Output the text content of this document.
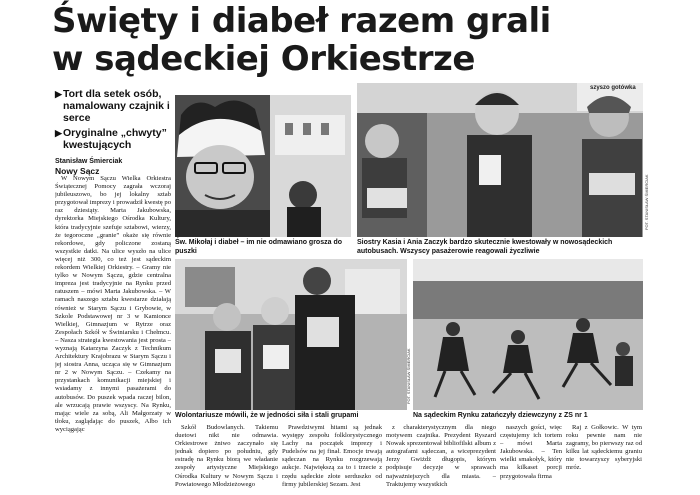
Święty i diabeł razem grali
w sądeckiej Orkiestrze
▶ Tort dla setek osób, namalowany czajnik i serce
▶ Oryginalne „chwyty” kwestujących
Stanisław Śmierciak
Nowy Sącz

W Nowym Sączu Wielka Orkiestra Świątecznej Pomocy zagrała wczoraj jubileuszowo, bo jej lokalny sztab przygotował imprezy i prowadził kwestę po raz dziesiąty. Marta Jakubowska, dyrektorka Miejskiego Ośrodka Kultury, która tradycyjnie szefuje sztabowi, wierzy, że tegoroczne „granie” okaże się równie rekordowe, gdy policzone zostaną wszystkie datki. Na ulice wyszło na ulice więcej niż 300, co też jest sądeckim rekordem Wielkiej Orkiestry. – Gramy nie tylko w Nowym Sączu, gdzie centralna impreza jest tradycyjnie na Rynku przed ratuszem – mówi Marta Jakubowska. – W ramach naszego sztabu kwestarze działają również w Starym Sączu i Grybowie, w Szkole Podstawowej nr 3 w Kamionce Wielkiej, Gimnazjum w Rytrze oraz Zespołach Szkół w Świniarsku i Chełmcu. – Nasza strategia kwestowania jest prosta – wyznają Katarzyna Zaczyk z Technikum Architektury Krajobrazu w Starym Sączu i jej siostra Anna, ucząca się w Gimnazjum nr 2 w Nowym Sączu. – Czekamy na przystankach komunikacji miejskiej i wsiadamy z innymi pasażerami do autobusów. Do puszek wpada raczej bilon, ale wrzucają prawie wszyscy. Na Rynku, mając wiele za sobą, Ali Małgorzaty w tłoku, zaglądając do puszek, Albo ich wyciągając

Św. Mikołaj i diabeł – im nie odmawiano grosza do puszki
Siostry Kasia i Ania Zaczyk bardzo skutecznie kwestowały w nowosądeckich autobusach. Wszyscy pasażerowie reagowali życzliwie
Wolontariusze mówili, że w jedności siła i stali grupami	Na sądeckim Rynku zatańczyły dziewczyny z ZS nr 1
FOT. STANISŁAW ŚMIERCIAK
FOT. STANISŁAW ŚMIERCIAK
szyszo gotówka

Szkół Budowlanych. Takiemu duetowi nikt nie odmawia. Orkiestrowe żniwo zaczynało się jednak dopiero po południu, gdy estradę na Rynku biorą we władanie zespoły artystyczne Miejskiego Ośrodka Kultury w Nowym Sączu i Powiatowego Młodzieżowego

Prawdziwymi hitami są jednak występy zespołu folklorystycznego Lachy na początek imprezy i Pudelsów na jej finał. Emocje trwają sądeczan na Rynku rozgrzewają aukcje. Największą za to i trzecie z rzędu sądeckie złote serduszko od firmy jubilerskiej Sezam. Jest

z charakterystycznym dla niego motywem czajnika. Prezydent Ryszard Nowak sprezentował bibliofilski album z autografami sądeczan, a wiceprezydent Jerzy Gwiżdż długopis, którym podpisuje decyzje w sprawach najważniejszych dla miasta. – Traktujemy wszystkich

naszych gości, więc częstujemy ich tortem – mówi Marta Jakubowska. – Ten wielki smakołyk, który ma kilkaset porcji przygotowała firma

Raj z Gołkowic. W tym roku pewnie nam nie zagramy, bo pierwszy raz od kilku lat sądeckiemu graniu nie towarzyszy syberyjski mróz.
